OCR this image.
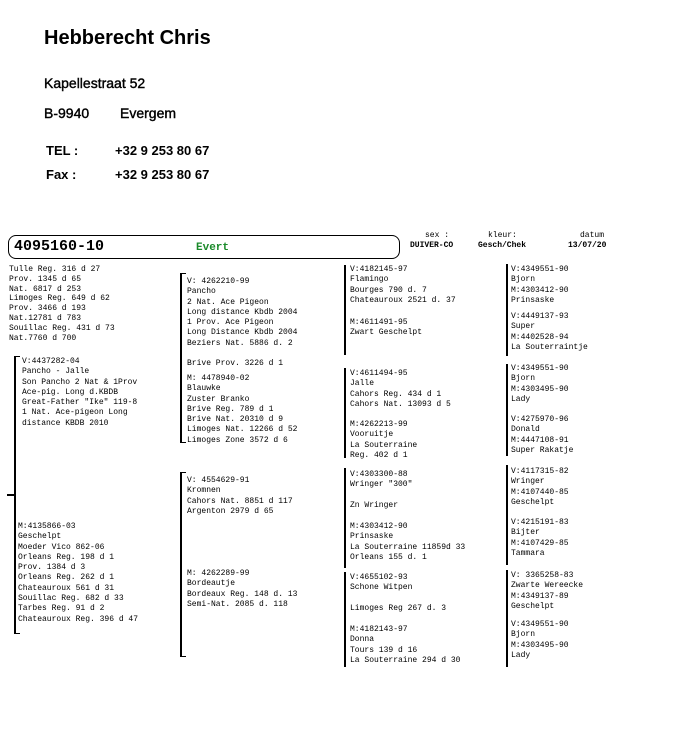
Hebberecht Chris
Kapellestraat 52
B-9940 Evergem
TEL :	+32 9 253 80 67
Fax :	+32 9 253 80 67
4095160-10	Evert
sex :
DUIVER-CO
kleur:
Gesch/Chek
datum
13/07/20
Tulle Reg. 316 d 27
Prov. 1345 d 65
Nat. 6817 d 253
Limoges Reg. 649 d 62
Prov. 3466 d 193
Nat.12781 d 783
Souillac Reg. 431 d 73
Nat.7760 d 700
V:4437282-04
Pancho - Jalle
Son Pancho 2 Nat & 1Prov
Ace-pig. Long d.KBDB
Great-Father "Ike" 119-8
1 Nat. Ace-pigeon Long
distance KBDB 2010
M:4135866-03
Geschelpt
Moeder Vico 862-06
Orleans Reg. 198 d 1
Prov. 1384 d 3
Orleans Reg. 262 d 1
Chateauroux 561 d 31
Souillac Reg. 682 d 33
Tarbes Reg. 91 d 2
Chateauroux Reg. 396 d 47
V: 4262210-99
Pancho
2 Nat. Ace Pigeon
Long distance Kbdb 2004
1 Prov. Ace Pigeon
Long Distance Kbdb 2004
Beziers Nat. 5886 d. 2

Brive Prov. 3226 d 1
M: 4478940-02
Blauwke
Zuster Branko
Brive Reg. 789 d 1
Brive Nat. 20310 d 9
Limoges Nat. 12266 d 52
Limoges Zone 3572 d 6
V: 4554629-91
Kromnen
Cahors Nat. 8851 d 117
Argenton 2979 d 65
M: 4262289-99
Bordeautje
Bordeaux Reg. 148 d. 13
Semi-Nat. 2085 d. 118
V:4182145-97
Flamingo
Bourges 790 d. 7
Chateauroux 2521 d. 37
M:4611491-95
Zwart Geschelpt
V:4611494-95
Jalle
Cahors Reg. 434 d 1
Cahors Nat. 13093 d 5
M:4262213-99
Vooruitje
La Souterraine
Reg. 402 d 1
V:4303300-88
Wringer "300"

Zn Wringer
M:4303412-90
Prinsaske
La Souterraine 11859d 33
Orleans 155 d. 1
V:4655102-93
Schone Witpen

Limoges Reg 267 d. 3
M:4182143-97
Donna
Tours 139 d 16
La Souterraine 294 d 30
V:4349551-90
Bjorn
M:4303412-90
Prinsaske
V:4449137-93
Super
M:4402528-94
La Souterraintje
V:4349551-90
Bjorn
M:4303495-90
Lady
V:4275970-96
Donald
M:4447108-91
Super Rakatje
V:4117315-82
Wringer
M:4107440-85
Geschelpt
V:4215191-83
Bijter
M:4107429-85
Tammara
V: 3365258-83
Zwarte Wereecke
M:4349137-89
Geschelpt
V:4349551-90
Bjorn
M:4303495-90
Lady
